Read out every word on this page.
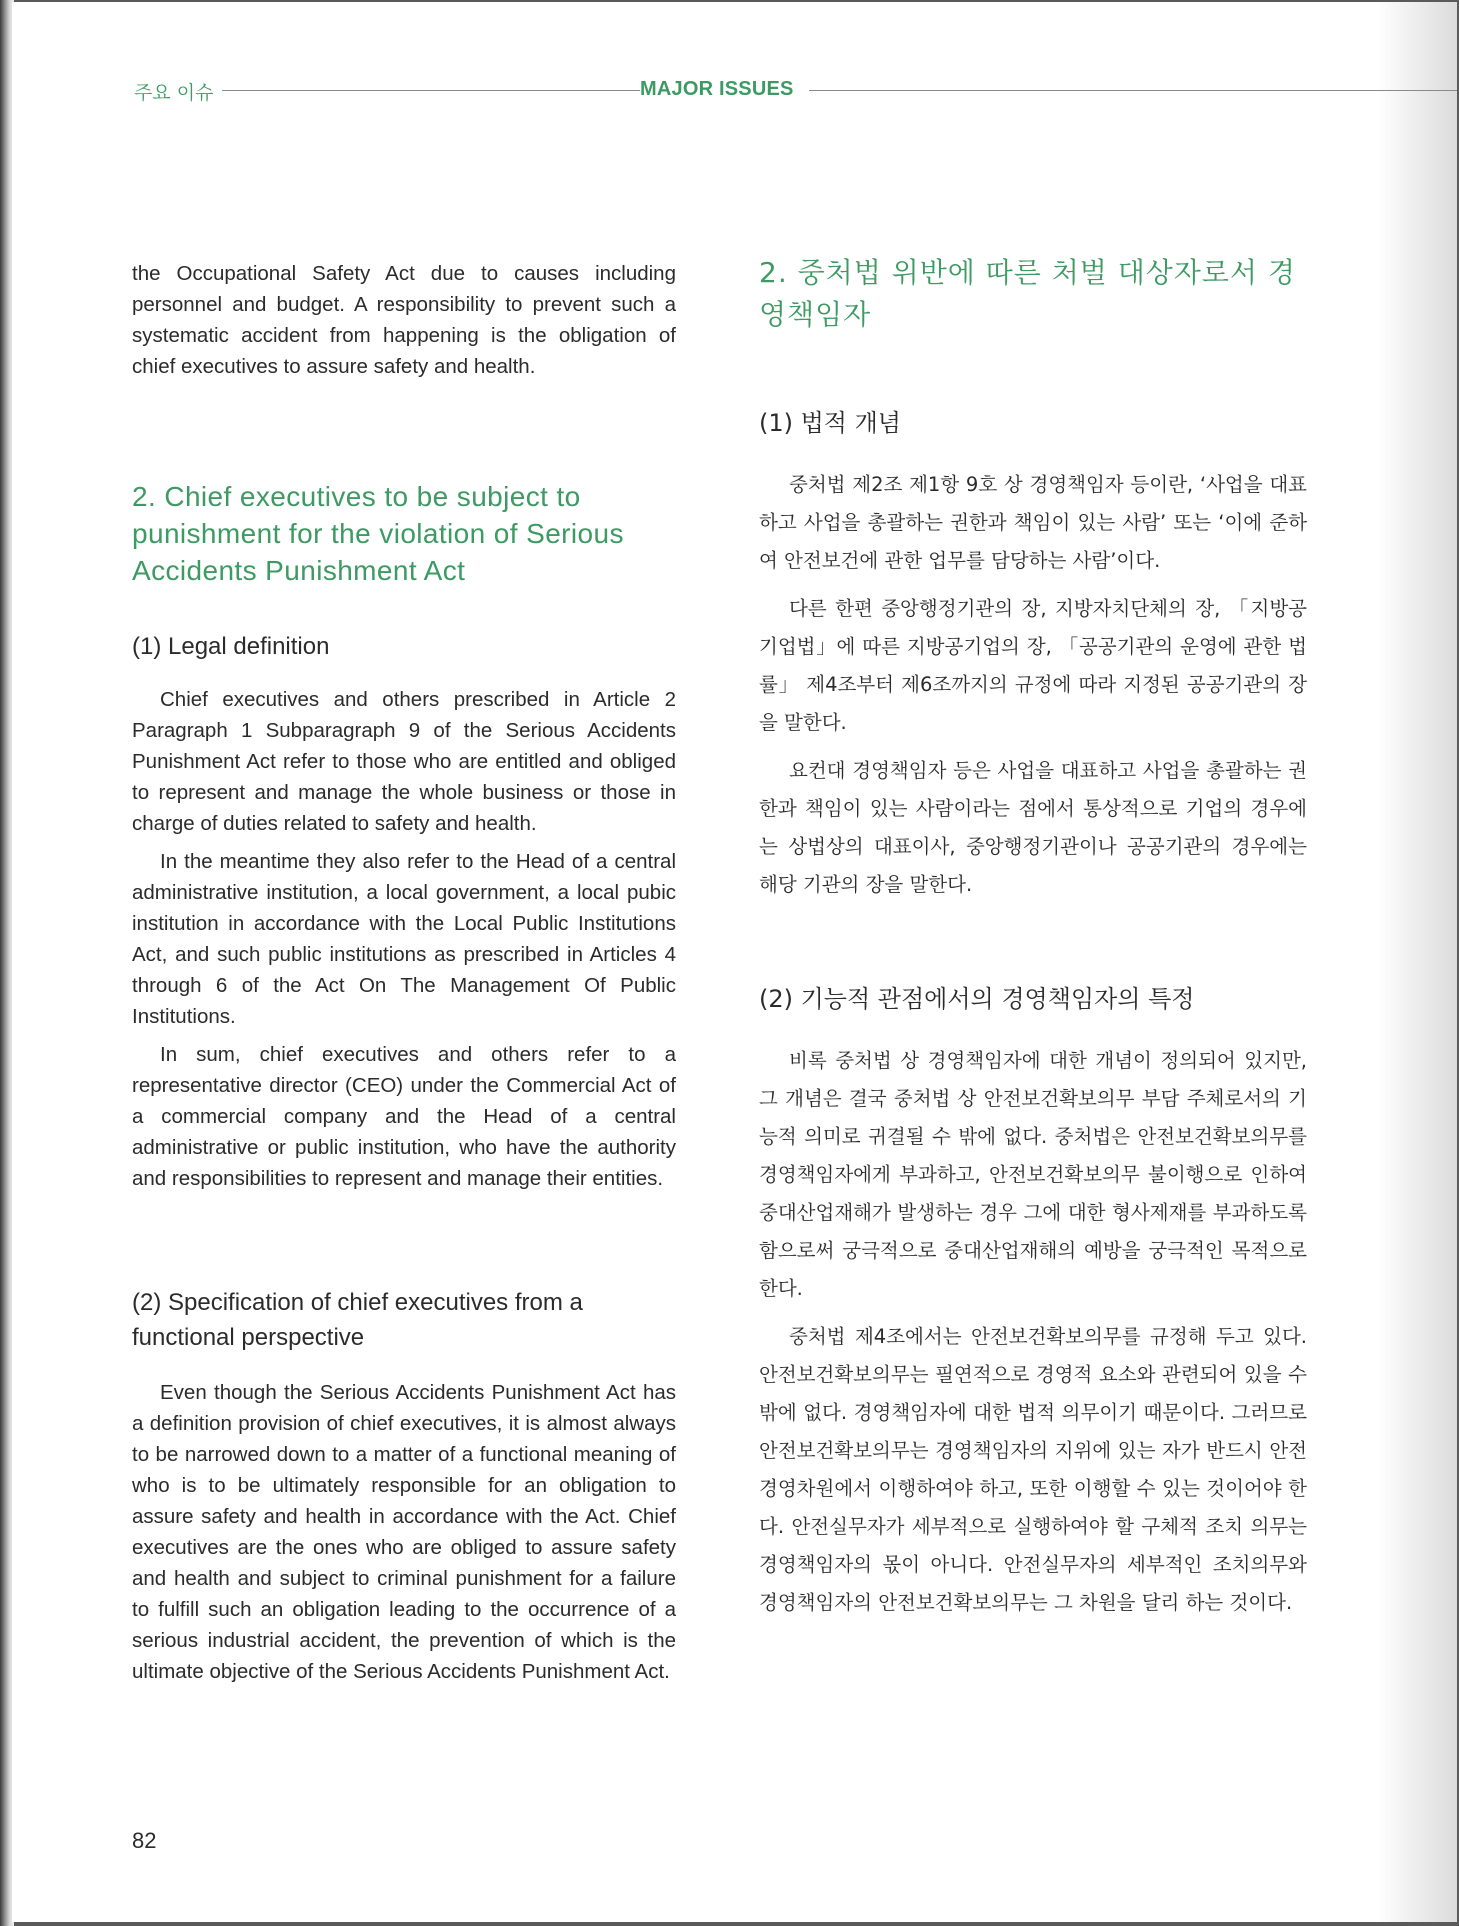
주요 이슈	MAJOR ISSUES

the Occupational Safety Act due to causes including personnel and budget. A responsibility to prevent such a systematic accident from happening is the obligation of chief executives to assure safety and health.

2. Chief executives to be subject to punishment for the violation of Serious Accidents Punishment Act
(1) Legal definition

Chief executives and others prescribed in Article 2 Paragraph 1 Subparagraph 9 of the Serious Accidents Punishment Act refer to those who are entitled and obliged to represent and manage the whole business or those in charge of duties related to safety and health.

In the meantime they also refer to the Head of a central administrative institution, a local government, a local pubic institution in accordance with the Local Public Institutions Act, and such public institutions as prescribed in Articles 4 through 6 of the Act On The Management Of Public Institutions.

In sum, chief executives and others refer to a representative director (CEO) under the Commercial Act of a commercial company and the Head of a central administrative or public institution, who have the authority and responsibilities to represent and manage their entities.

(2) Specification of chief executives from a functional perspective

Even though the Serious Accidents Punishment Act has a definition provision of chief executives, it is almost always to be narrowed down to a matter of a functional meaning of who is to be ultimately responsible for an obligation to assure safety and health in accordance with the Act. Chief executives are the ones who are obliged to assure safety and health and subject to criminal punishment for a failure to fulfill such an obligation leading to the occurrence of a serious industrial accident, the prevention of which is the ultimate objective of the Serious Accidents Punishment Act.

2. 중처법 위반에 따른 처벌 대상자로서 경영책임자
(1) 법적 개념

중처법 제2조 제1항 9호 상 경영책임자 등이란, ‘사업을 대표하고 사업을 총괄하는 권한과 책임이 있는 사람’ 또는 ‘이에 준하여 안전보건에 관한 업무를 담당하는 사람’이다.

다른 한편 중앙행정기관의 장, 지방자치단체의 장, 「지방공기업법」에 따른 지방공기업의 장, 「공공기관의 운영에 관한 법률」 제4조부터 제6조까지의 규정에 따라 지정된 공공기관의 장을 말한다.

요컨대 경영책임자 등은 사업을 대표하고 사업을 총괄하는 권한과 책임이 있는 사람이라는 점에서 통상적으로 기업의 경우에는 상법상의 대표이사, 중앙행정기관이나 공공기관의 경우에는 해당 기관의 장을 말한다.

(2) 기능적 관점에서의 경영책임자의 특정

비록 중처법 상 경영책임자에 대한 개념이 정의되어 있지만, 그 개념은 결국 중처법 상 안전보건확보의무 부담 주체로서의 기능적 의미로 귀결될 수 밖에 없다. 중처법은 안전보건확보의무를 경영책임자에게 부과하고, 안전보건확보의무 불이행으로 인하여 중대산업재해가 발생하는 경우 그에 대한 형사제재를 부과하도록 함으로써 궁극적으로 중대산업재해의 예방을 궁극적인 목적으로 한다.

중처법 제4조에서는 안전보건확보의무를 규정해 두고 있다. 안전보건확보의무는 필연적으로 경영적 요소와 관련되어 있을 수 밖에 없다. 경영책임자에 대한 법적 의무이기 때문이다. 그러므로 안전보건확보의무는 경영책임자의 지위에 있는 자가 반드시 안전경영차원에서 이행하여야 하고, 또한 이행할 수 있는 것이어야 한다. 안전실무자가 세부적으로 실행하여야 할 구체적 조치 의무는 경영책임자의 몫이 아니다. 안전실무자의 세부적인 조치의무와 경영책임자의 안전보건확보의무는 그 차원을 달리 하는 것이다.

82
